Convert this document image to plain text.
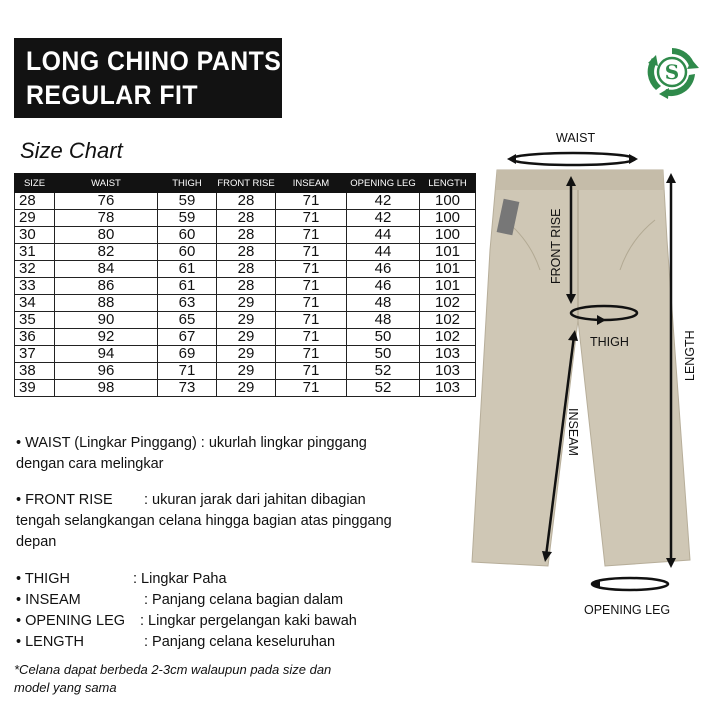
LONG CHINO PANTS
REGULAR FIT
S
Size Chart
SIZE	WAIST	THIGH	FRONT RISE	INSEAM	OPENING LEG	LENGTH
28	76	59	28	71	42	100
29	78	59	28	71	42	100
30	80	60	28	71	44	100
31	82	60	28	71	44	101
32	84	61	28	71	46	101
33	86	61	28	71	46	101
34	88	63	29	71	48	102
35	90	65	29	71	48	102
36	92	67	29	71	50	102
37	94	69	29	71	50	103
38	96	71	29	71	52	103
39	98	73	29	71	52	103
• WAIST (Lingkar Pinggang) : ukurlah lingkar pinggang
dengan cara melingkar
• FRONT RISE	: ukuran jarak dari jahitan dibagian
tengah selangkangan celana hingga bagian atas pinggang
depan
• THIGH	: Lingkar Paha
• INSEAM	: Panjang celana bagian dalam
• OPENING LEG	: Lingkar pergelangan kaki bawah
• LENGTH	: Panjang celana keseluruhan
*Celana dapat berbeda 2-3cm walaupun pada size dan
model yang sama
WAIST
FRONT RISE
THIGH
INSEAM
LENGTH
OPENING LEG
